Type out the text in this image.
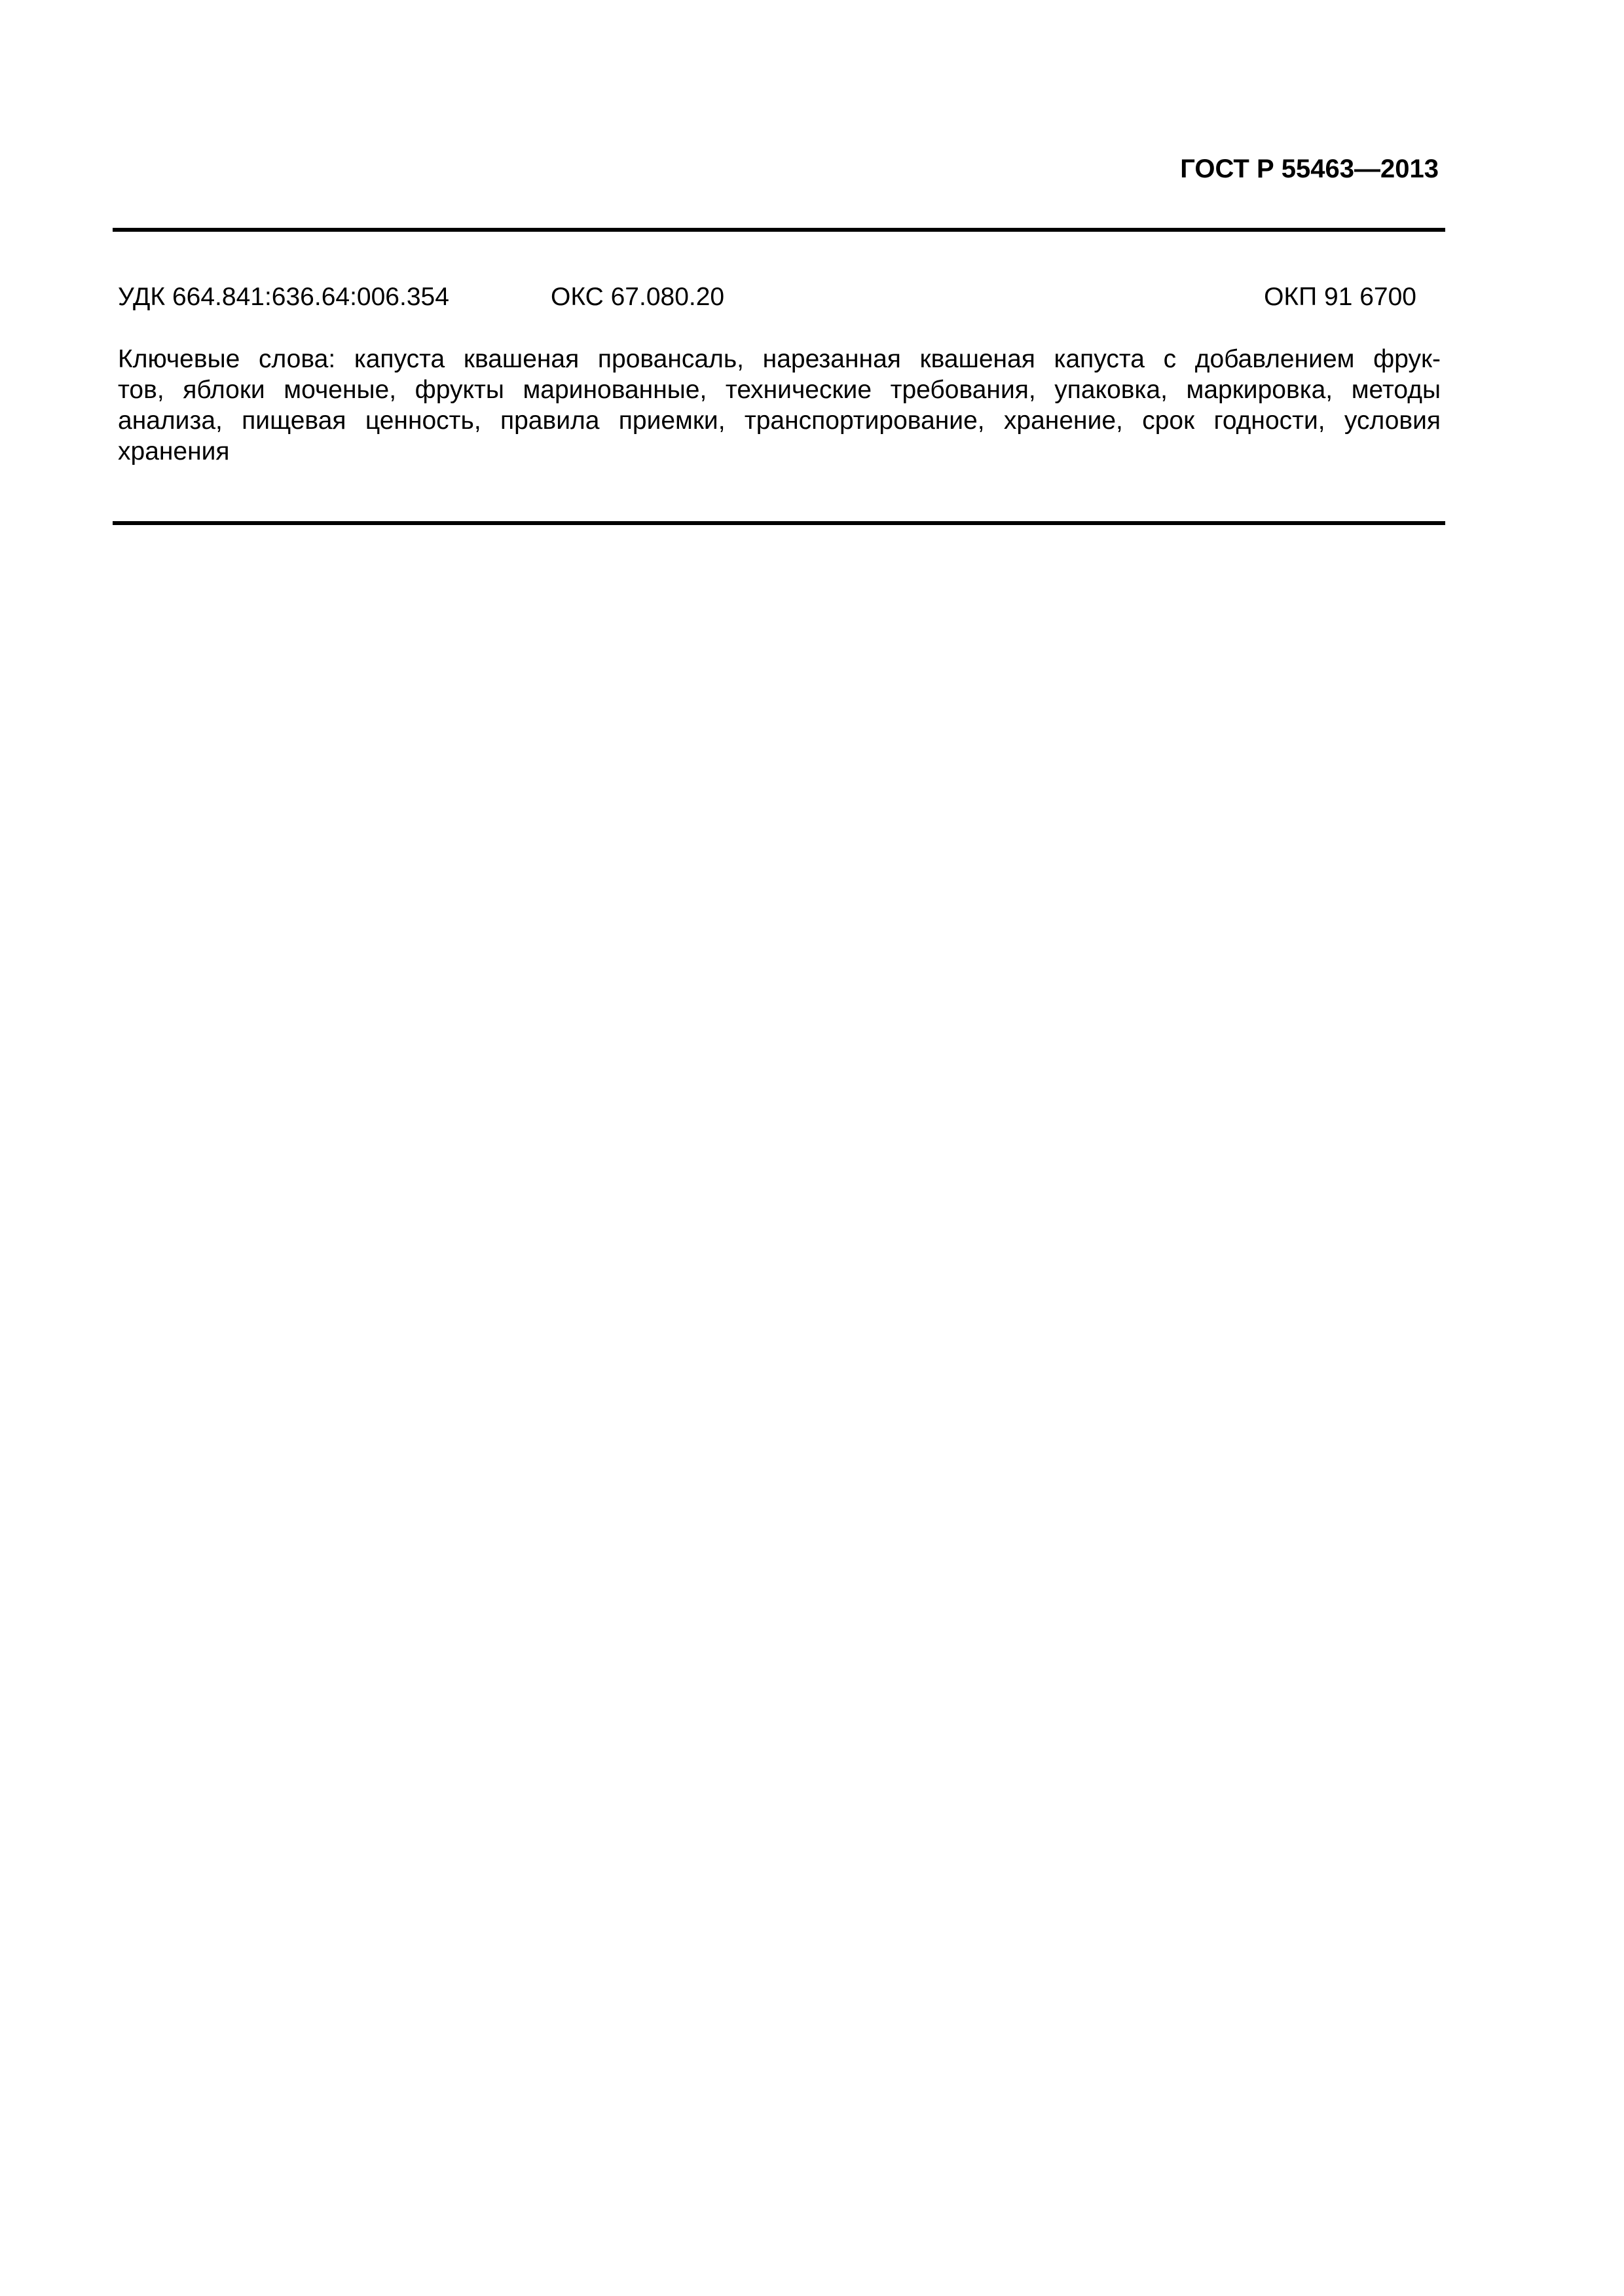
ГОСТ Р 55463—2013
УДК 664.841:636.64:006.354	ОКС 67.080.20	ОКП 91 6700
Ключевые слова: капуста квашеная провансаль, нарезанная квашеная капуста с добавлением фрук-
тов, яблоки моченые, фрукты маринованные, технические требования, упаковка, маркировка, методы
анализа, пищевая ценность, правила приемки, транспортирование, хранение, срок годности, условия
хранения
